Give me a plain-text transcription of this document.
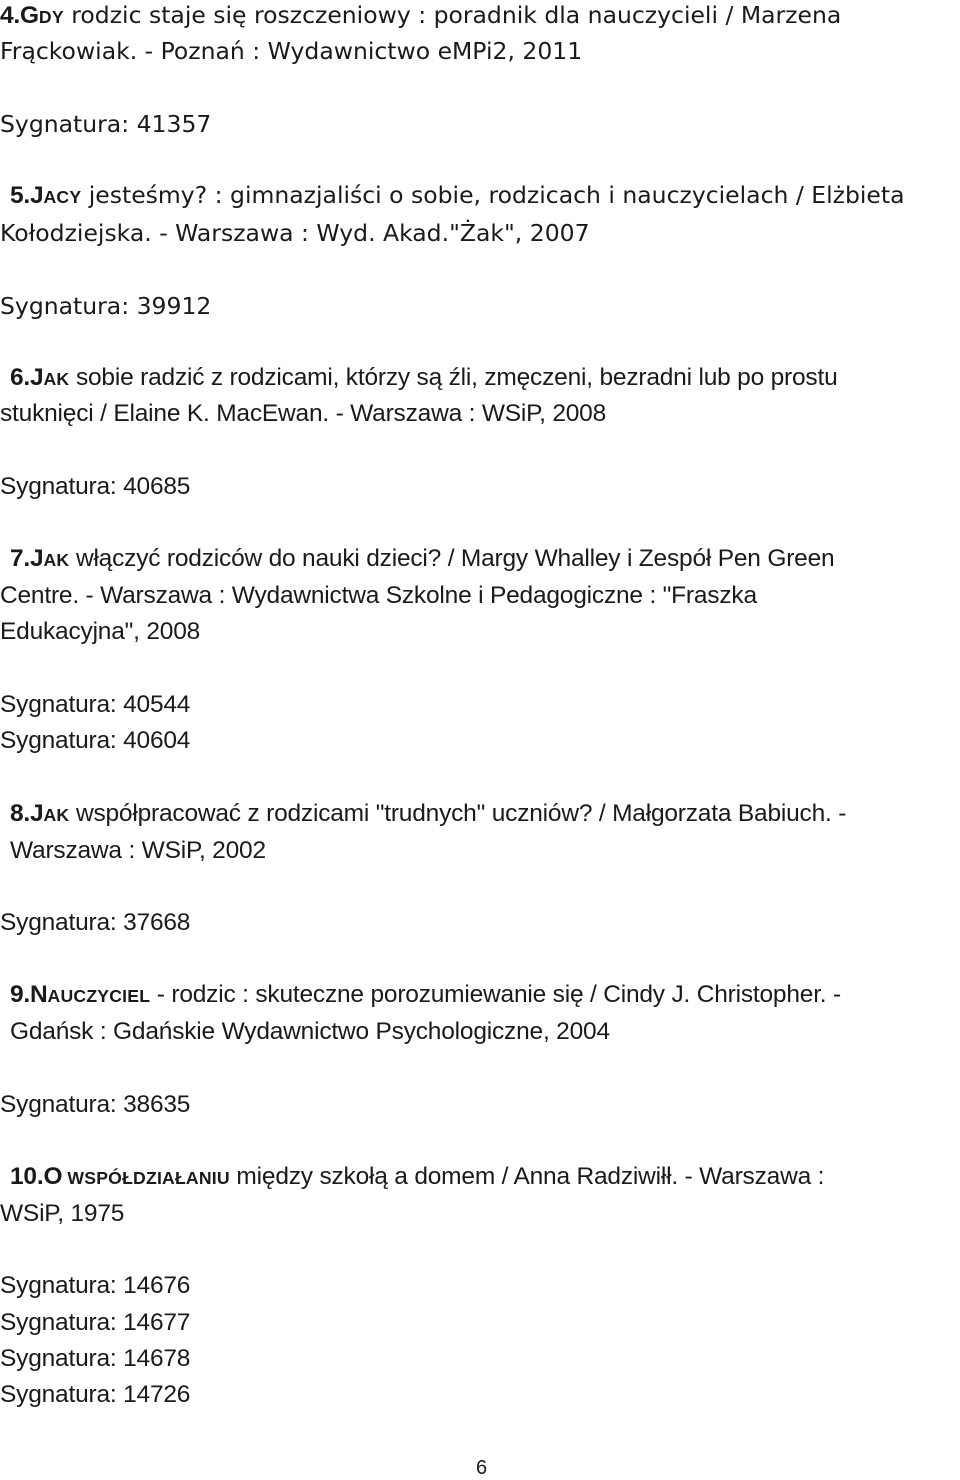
4.GDY rodzic staje się roszczeniowy : poradnik dla nauczycieli / Marzena
Frąckowiak. - Poznań : Wydawnictwo eMPi2, 2011
Sygnatura: 41357
5.JACY jesteśmy? : gimnazjaliści o sobie, rodzicach i nauczycielach / Elżbieta
Kołodziejska. - Warszawa : Wyd. Akad."Żak", 2007
Sygnatura: 39912
6.JAK sobie radzić z rodzicami, którzy są źli, zmęczeni, bezradni lub po prostu
stuknięci / Elaine K. MacEwan. - Warszawa : WSiP, 2008
Sygnatura: 40685
7.JAK włączyć rodziców do nauki dzieci? / Margy Whalley i Zespół Pen Green
Centre. - Warszawa : Wydawnictwa Szkolne i Pedagogiczne : "Fraszka
Edukacyjna", 2008
Sygnatura: 40544
Sygnatura: 40604
8.JAK współpracować z rodzicami "trudnych" uczniów? / Małgorzata Babiuch. -
Warszawa : WSiP, 2002
Sygnatura: 37668
9.NAUCZYCIEL - rodzic : skuteczne porozumiewanie się / Cindy J. Christopher. -
Gdańsk : Gdańskie Wydawnictwo Psychologiczne, 2004
Sygnatura: 38635
10.O WSPÓŁDZIAŁANIU między szkołą a domem / Anna Radziwiłł. - Warszawa :
WSiP, 1975
Sygnatura: 14676
Sygnatura: 14677
Sygnatura: 14678
Sygnatura: 14726
6
